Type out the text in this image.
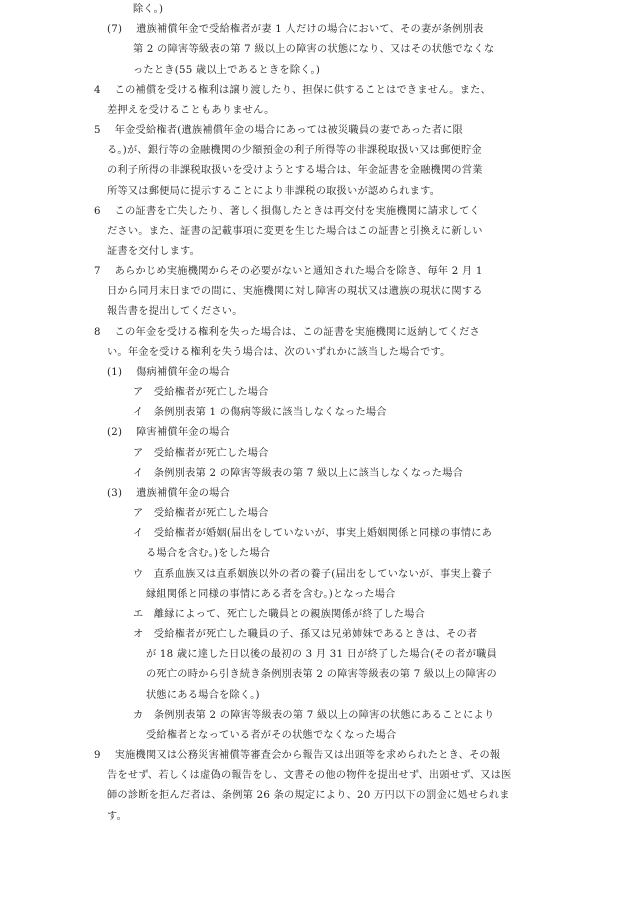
除く。)
(7)　 遺族補償年金で受給権者が妻 1 人だけの場合において、その妻が条例別表
第 2 の障害等級表の第 7 級以上の障害の状態になり、又はその状態でなくな
ったとき(55 歳以上であるときを除く。)
4　 この補償を受ける権利は譲り渡したり、担保に供することはできません。また、
差押えを受けることもありません。
5　 年金受給権者(遺族補償年金の場合にあっては被災職員の妻であった者に限
る。)が、銀行等の金融機関の少額預金の利子所得等の非課税取扱い又は郵便貯金
の利子所得の非課税取扱いを受けようとする場合は、年金証書を金融機関の営業
所等又は郵便局に提示することにより非課税の取扱いが認められます。
6　 この証書を亡失したり、著しく損傷したときは再交付を実施機関に請求してく
ださい。また、証書の記載事項に変更を生じた場合はこの証書と引換えに新しい
証書を交付します。
7　 あらかじめ実施機関からその必要がないと通知された場合を除き、毎年 2 月 1
日から同月末日までの間に、実施機関に対し障害の現状又は遺族の現状に関する
報告書を提出してください。
8　 この年金を受ける権利を失った場合は、この証書を実施機関に返納してくださ
い。年金を受ける権利を失う場合は、次のいずれかに該当した場合です。
(1)　 傷病補償年金の場合
ア　受給権者が死亡した場合
イ　条例別表第 1 の傷病等級に該当しなくなった場合
(2)　 障害補償年金の場合
ア　受給権者が死亡した場合
イ　条例別表第 2 の障害等級表の第 7 級以上に該当しなくなった場合
(3)　 遺族補償年金の場合
ア　受給権者が死亡した場合
イ　受給権者が婚姻(届出をしていないが、事実上婚姻関係と同様の事情にあ
る場合を含む。)をした場合
ウ　直系血族又は直系姻族以外の者の養子(届出をしていないが、事実上養子
縁組関係と同様の事情にある者を含む。)となった場合
エ　離縁によって、死亡した職員との親族関係が終了した場合
オ　受給権者が死亡した職員の子、孫又は兄弟姉妹であるときは、その者
が 18 歳に達した日以後の最初の 3 月 31 日が終了した場合(その者が職員
の死亡の時から引き続き条例別表第 2 の障害等級表の第 7 級以上の障害の
状態にある場合を除く。)
カ　条例別表第 2 の障害等級表の第 7 級以上の障害の状態にあることにより
受給権者となっている者がその状態でなくなった場合
9　 実施機関又は公務災害補償等審査会から報告又は出頭等を求められたとき、その報
告をせず、若しくは虚偽の報告をし、文書その他の物件を提出せず、出頭せず、又は医
師の診断を拒んだ者は、条例第 26 条の規定により、20 万円以下の罰金に処せられま
す。
